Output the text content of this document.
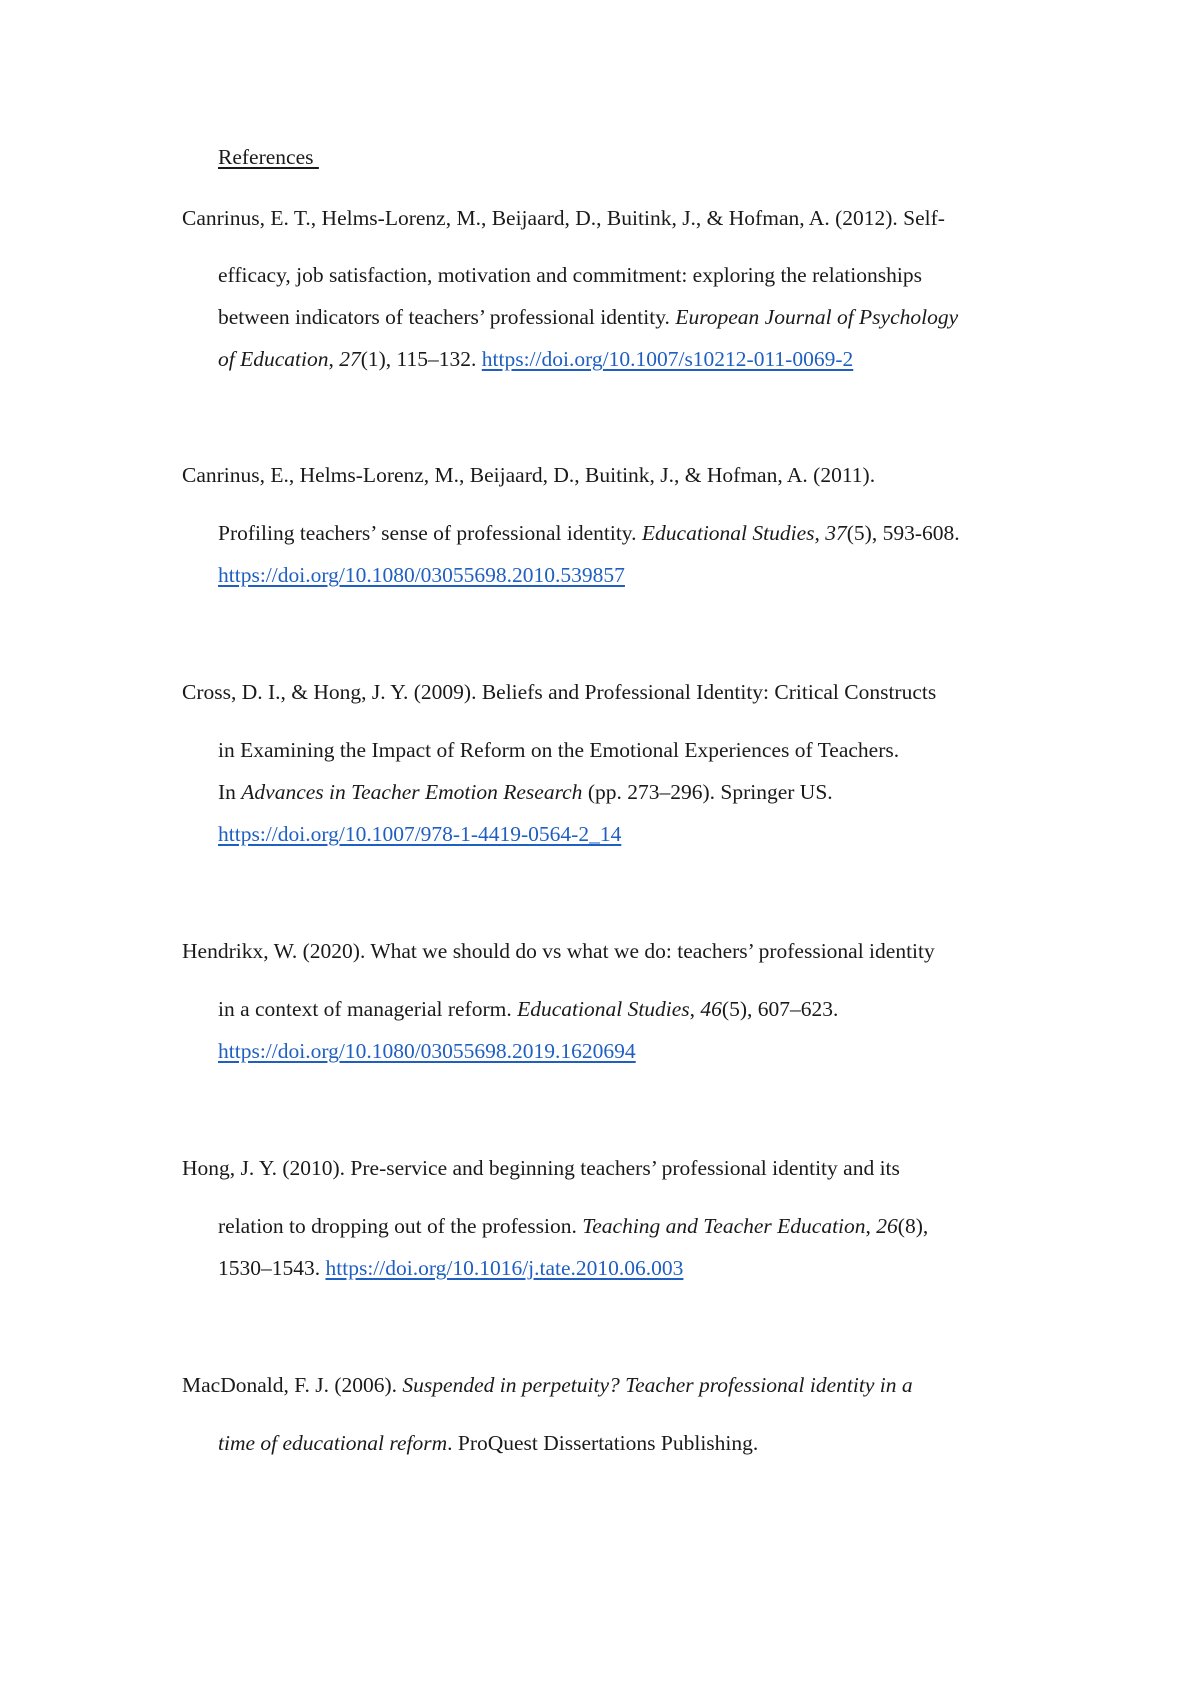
References
Canrinus, E. T., Helms-Lorenz, M., Beijaard, D., Buitink, J., & Hofman, A. (2012). Self-
efficacy, job satisfaction, motivation and commitment: exploring the relationships
between indicators of teachers’ professional identity. European Journal of Psychology
of Education, 27(1), 115–132. https://doi.org/10.1007/s10212-011-0069-2
Canrinus, E., Helms-Lorenz, M., Beijaard, D., Buitink, J., & Hofman, A. (2011).
Profiling teachers’ sense of professional identity. Educational Studies, 37(5), 593-608.
https://doi.org/10.1080/03055698.2010.539857
Cross, D. I., & Hong, J. Y. (2009). Beliefs and Professional Identity: Critical Constructs
in Examining the Impact of Reform on the Emotional Experiences of Teachers.
In Advances in Teacher Emotion Research (pp. 273–296). Springer US.
https://doi.org/10.1007/978-1-4419-0564-2_14
Hendrikx, W. (2020). What we should do vs what we do: teachers’ professional identity
in a context of managerial reform. Educational Studies, 46(5), 607–623.
https://doi.org/10.1080/03055698.2019.1620694
Hong, J. Y. (2010). Pre-service and beginning teachers’ professional identity and its
relation to dropping out of the profession. Teaching and Teacher Education, 26(8),
1530–1543. https://doi.org/10.1016/j.tate.2010.06.003
MacDonald, F. J. (2006). Suspended in perpetuity? Teacher professional identity in a
time of educational reform. ProQuest Dissertations Publishing.
